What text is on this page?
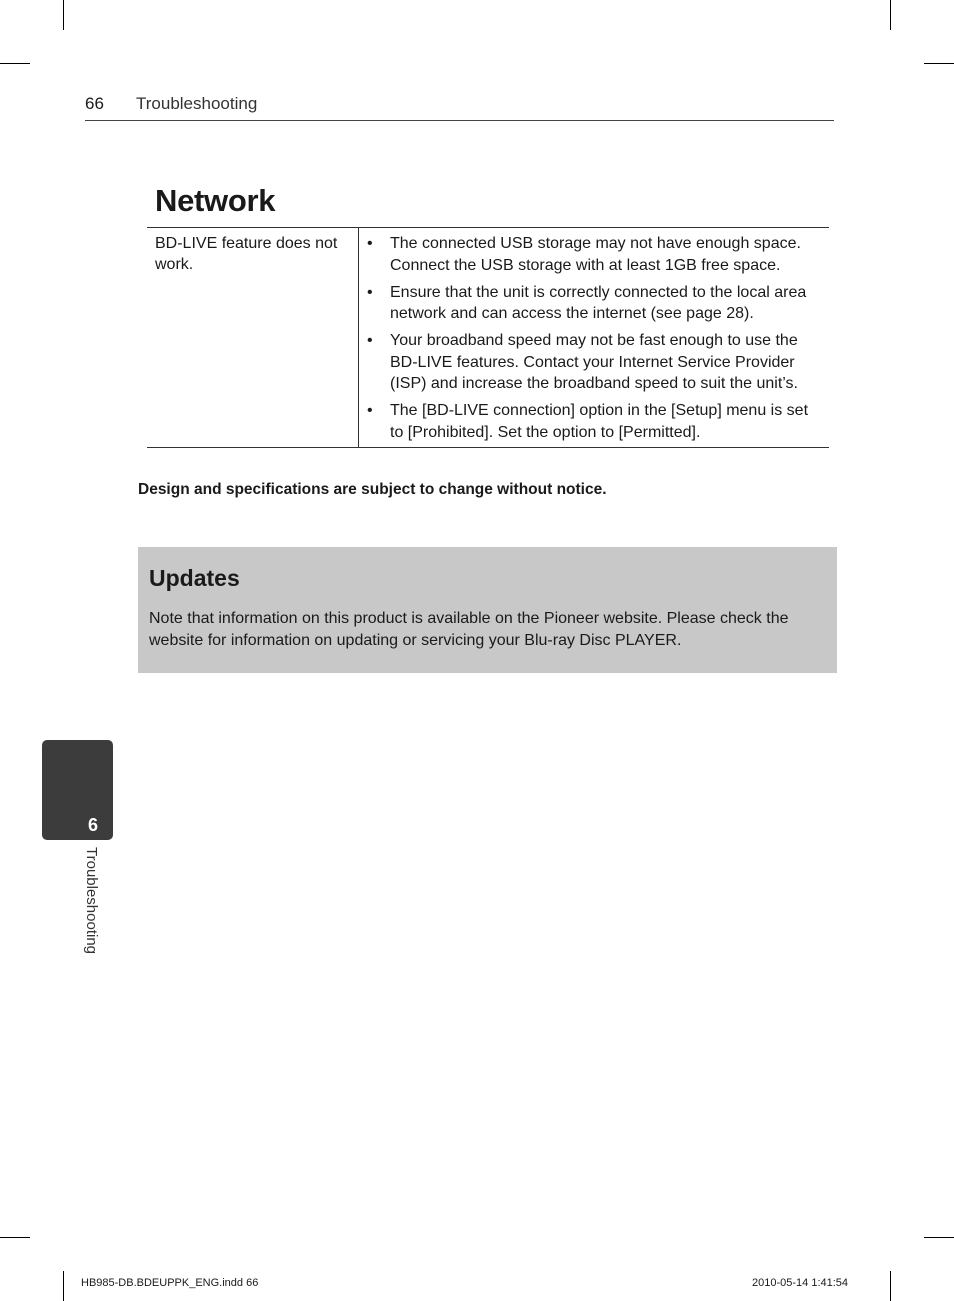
66 Troubleshooting
Network
BD-LIVE feature does not work.
• The connected USB storage may not have enough space. Connect the USB storage with at least 1GB free space.
• Ensure that the unit is correctly connected to the local area network and can access the internet (see page 28).
• Your broadband speed may not be fast enough to use the BD-LIVE features. Contact your Internet Service Provider (ISP) and increase the broadband speed to suit the unit’s.
• The [BD-LIVE connection] option in the [Setup] menu is set to [Prohibited]. Set the option to [Permitted].
Design and specifications are subject to change without notice.
Updates

Note that information on this product is available on the Pioneer website. Please check the website for information on updating or servicing your Blu-ray Disc PLAYER.

6
Troubleshooting
HB985-DB.BDEUPPK_ENG.indd 66	2010-05-14 1:41:54
